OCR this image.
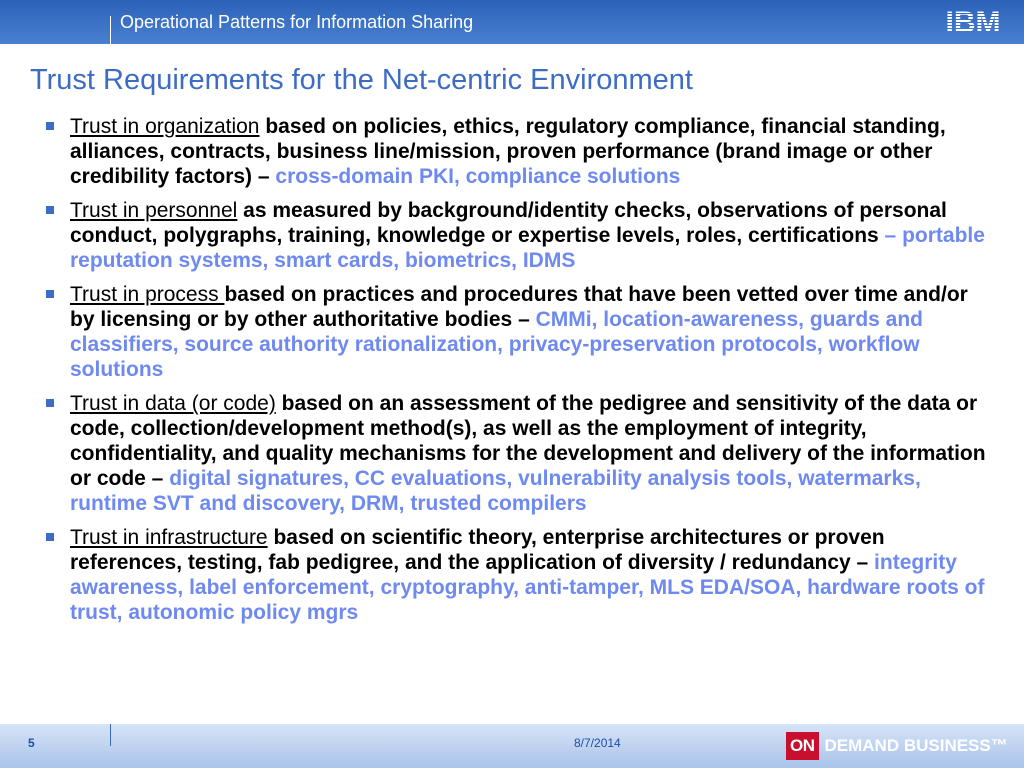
Operational Patterns for Information Sharing
Trust Requirements for the Net-centric Environment
Trust in organization based on policies, ethics, regulatory compliance, financial standing, alliances, contracts, business line/mission, proven performance (brand image or other credibility factors) – cross-domain PKI, compliance solutions
Trust in personnel as measured by background/identity checks, observations of personal conduct, polygraphs, training, knowledge or expertise levels, roles, certifications – portable reputation systems, smart cards, biometrics, IDMS
Trust in process based on practices and procedures that have been vetted over time and/or by licensing or by other authoritative bodies – CMMi, location-awareness, guards and classifiers, source authority rationalization, privacy-preservation protocols, workflow solutions
Trust in data (or code) based on an assessment of the pedigree and sensitivity of the data or code, collection/development method(s), as well as the employment of integrity, confidentiality, and quality mechanisms for the development and delivery of the information or code – digital signatures, CC evaluations, vulnerability analysis tools, watermarks, runtime SVT and discovery, DRM, trusted compilers
Trust in infrastructure based on scientific theory, enterprise architectures or proven references, testing, fab pedigree, and the application of diversity / redundancy – integrity awareness, label enforcement, cryptography, anti-tamper, MLS EDA/SOA, hardware roots of trust, autonomic policy mgrs
5	8/7/2014	ON DEMAND BUSINESS™
